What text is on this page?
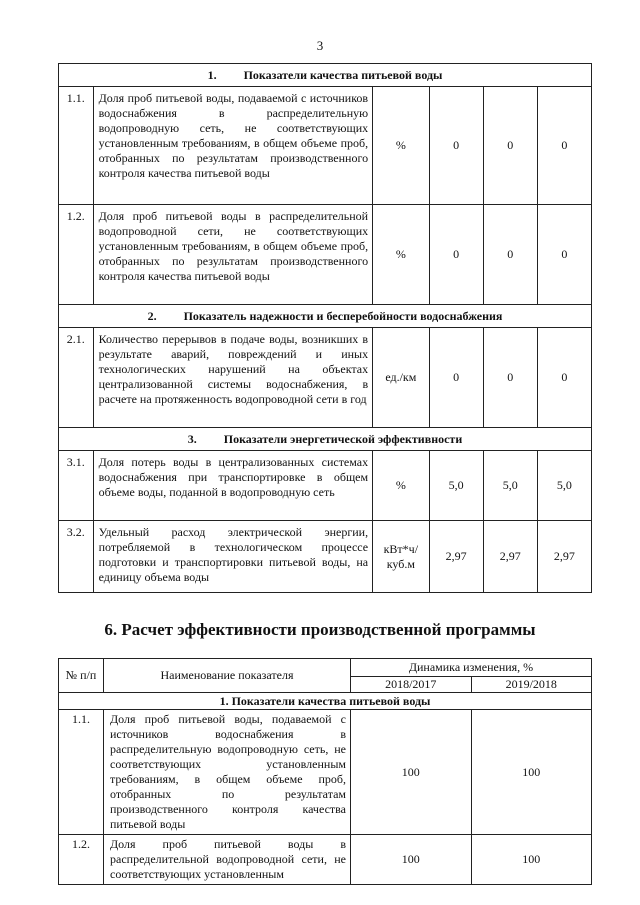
3
1.         Показатели качества питьевой воды					
1.1.	Доля проб питьевой воды, подаваемой с источников водоснабжения в распределительную водопроводную сеть, не соответствующих установленным требованиям, в общем объеме проб, отобранных по результатам производственного контроля качества питьевой воды	%	0	0	0
1.2.	Доля проб питьевой воды в распределительной водопроводной сети, не соответствующих установленным требованиям, в общем объеме проб, отобранных по результатам производственного контроля качества питьевой воды	%	0	0	0
2.         Показатель надежности и бесперебойности водоснабжения					
2.1.	Количество перерывов в подаче воды, возникших в результате аварий, повреждений и иных технологических нарушений на объектах централизованной системы водоснабжения, в расчете на протяженность водопроводной сети в год	ед./км	0	0	0
3.         Показатели энергетической эффективности					
3.1.	Доля потерь воды в централизованных системах водоснабжения при транспортировке в общем объеме воды, поданной в водопроводную сеть	%	5,0	5,0	5,0
3.2.	Удельный расход электрической энергии, потребляемой в технологическом процессе подготовки и транспортировки питьевой воды, на единицу объема воды	кВт*ч/ куб.м	2,97	2,97	2,97
6. Расчет эффективности производственной программы
№ п/п	Наименование показателя	Динамика изменения, %	
		2018/2017	2019/2018
1. Показатели качества питьевой воды			
1.1.	Доля проб питьевой воды, подаваемой с источников водоснабжения в распределительную водопроводную сеть, не соответствующих установленным требованиям, в общем объеме проб, отобранных по результатам производственного контроля качества питьевой воды	100	100
1.2.	Доля проб питьевой воды в распределительной водопроводной сети, не соответствующих установленным	100	100
